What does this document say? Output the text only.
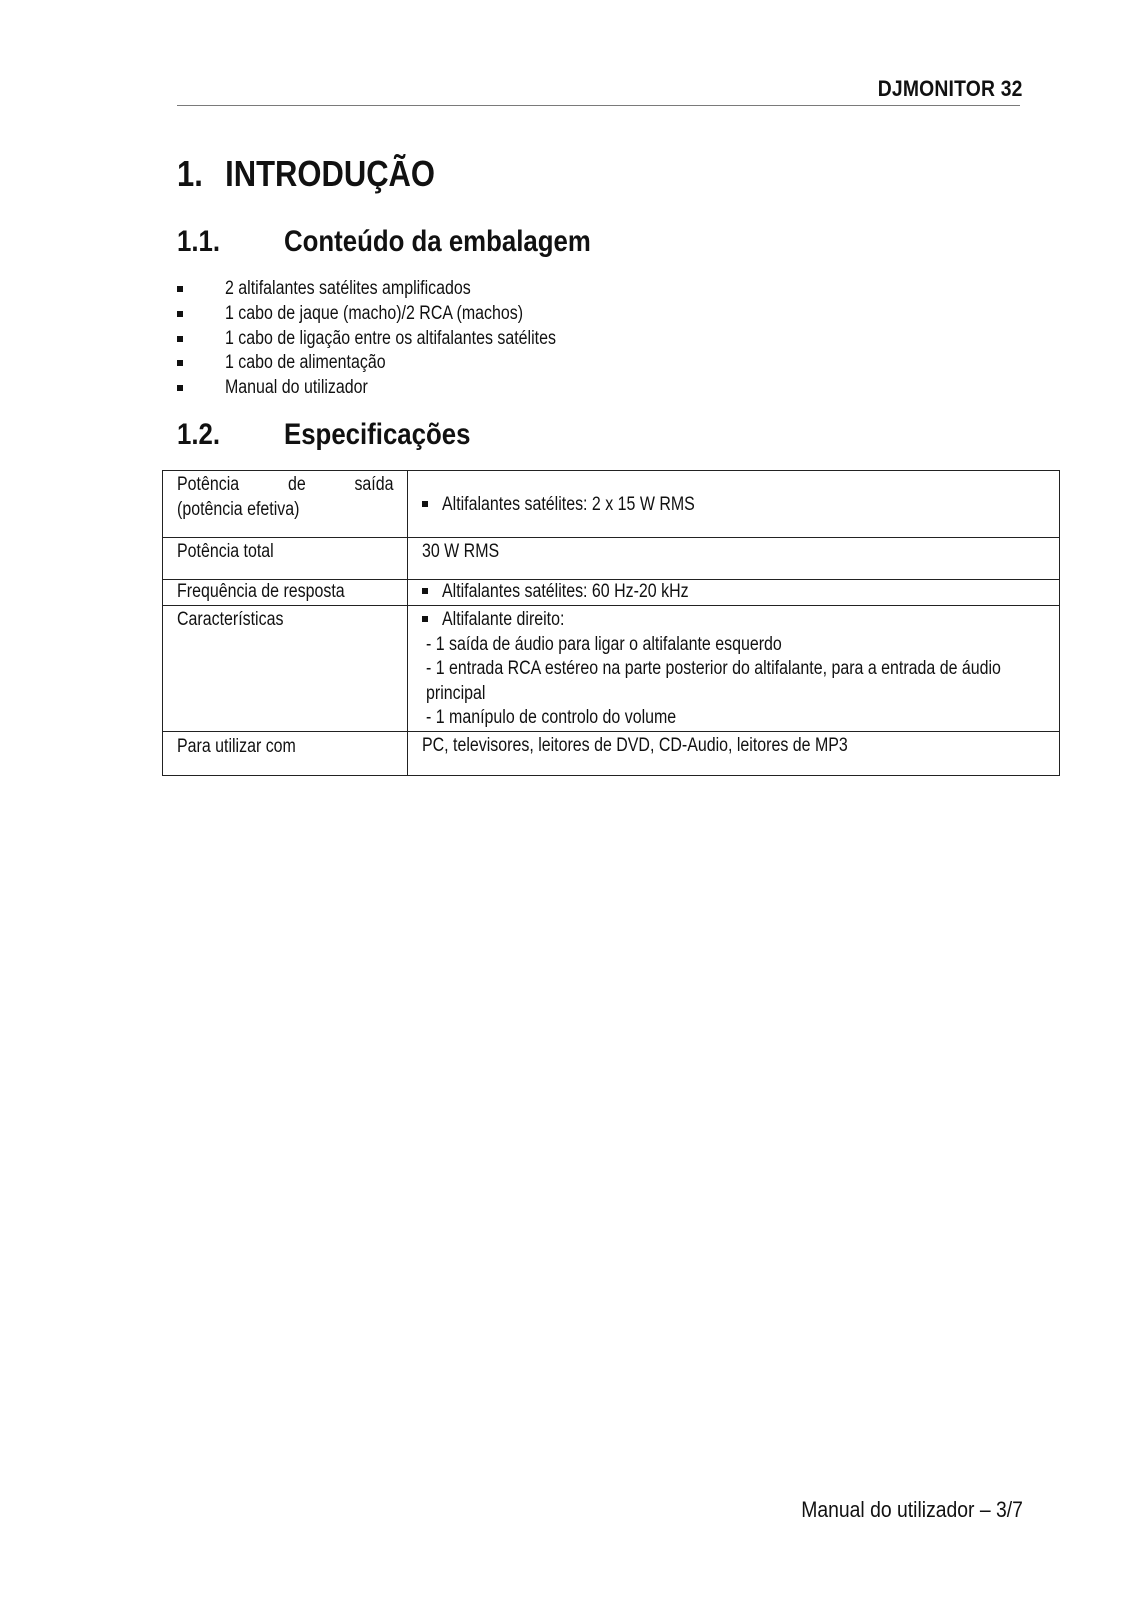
DJMONITOR 32
1. INTRODUÇÃO
1.1. Conteúdo da embalagem
2 altifalantes satélites amplificados
1 cabo de jaque (macho)/2 RCA (machos)
1 cabo de ligação entre os altifalantes satélites
1 cabo de alimentação
Manual do utilizador
1.2. Especificações
Potência de saída
(potência efetiva)	Altifalantes satélites: 2 x 15 W RMS
Potência total	30 W RMS
Frequência de resposta	Altifalantes satélites: 60 Hz-20 kHz
Características	Altifalante direito:
- 1 saída de áudio para ligar o altifalante esquerdo
- 1 entrada RCA estéreo na parte posterior do altifalante, para a entrada de áudio
principal
- 1 manípulo de controlo do volume

Para utilizar com	PC, televisores, leitores de DVD, CD-Audio, leitores de MP3
Manual do utilizador – 3/7
